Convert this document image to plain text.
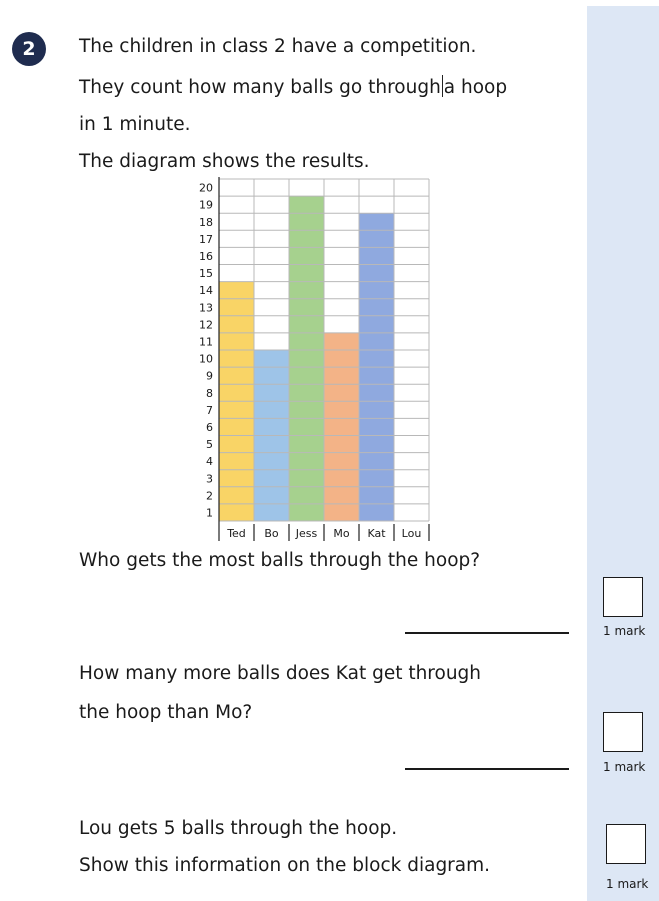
2	The children in class 2 have a competition.
They count how many balls go through a hoop
in 1 minute.
The diagram shows the results.
1
2
3
4
5
6
7
8
9
10
11
12
13
14
15
16
17
18
19
20
Ted Bo Jess Mo Kat Lou
Who gets the most balls through the hoop?
1 mark
How many more balls does Kat get through
the hoop than Mo?
1 mark
Lou gets 5 balls through the hoop.
Show this information on the block diagram.
1 mark
